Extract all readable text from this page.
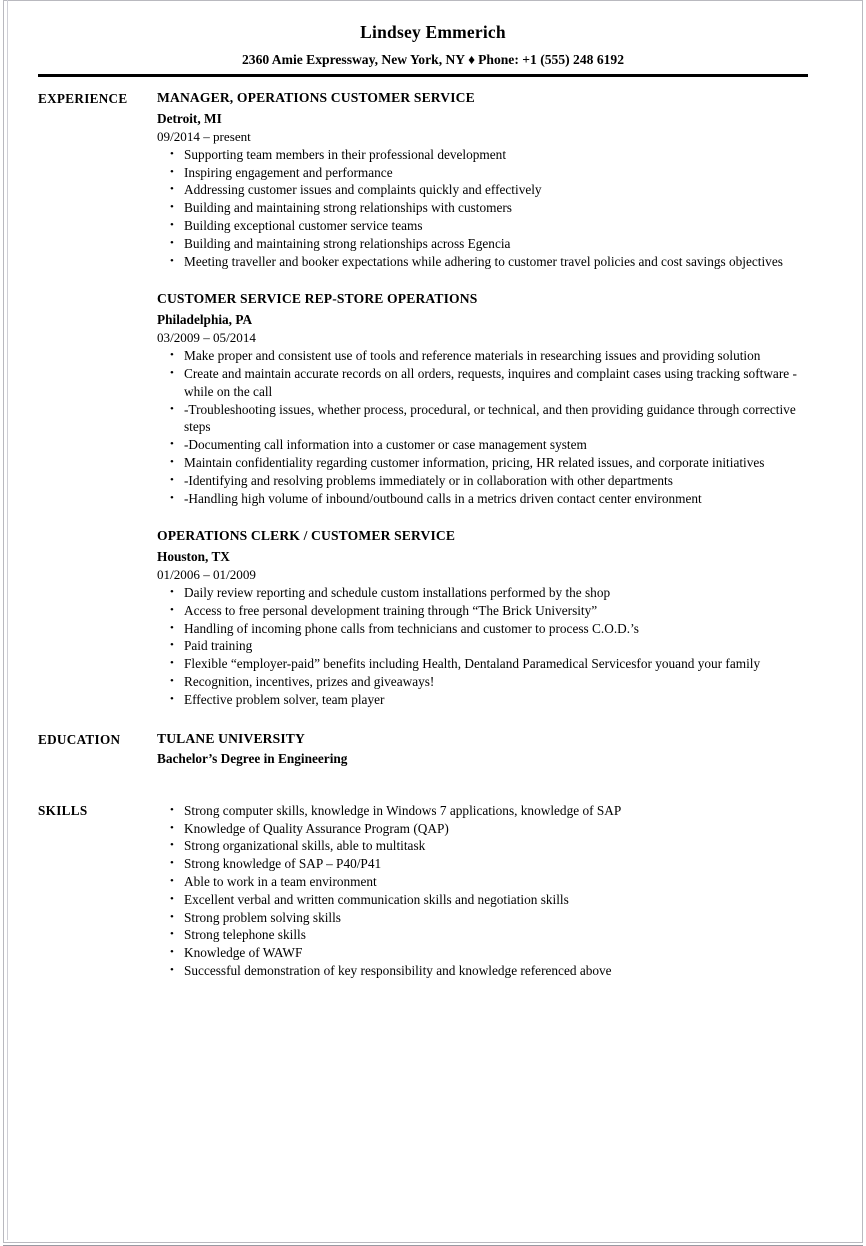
Lindsey Emmerich
2360 Amie Expressway, New York, NY ♦ Phone: +1 (555) 248 6192
EXPERIENCE	MANAGER, OPERATIONS CUSTOMER SERVICE
Detroit, MI
09/2014 – present
• Supporting team members in their professional development
• Inspiring engagement and performance
• Addressing customer issues and complaints quickly and effectively
• Building and maintaining strong relationships with customers
• Building exceptional customer service teams
• Building and maintaining strong relationships across Egencia
• Meeting traveller and booker expectations while adhering to customer travel policies and cost savings objectives
CUSTOMER SERVICE REP-STORE OPERATIONS
Philadelphia, PA
03/2009 – 05/2014
• Make proper and consistent use of tools and reference materials in researching issues and providing solution
• Create and maintain accurate records on all orders, requests, inquires and complaint cases using tracking software - while on the call
• -Troubleshooting issues, whether process, procedural, or technical, and then providing guidance through corrective steps
• -Documenting call information into a customer or case management system
• Maintain confidentiality regarding customer information, pricing, HR related issues, and corporate initiatives
• -Identifying and resolving problems immediately or in collaboration with other departments
• -Handling high volume of inbound/outbound calls in a metrics driven contact center environment
OPERATIONS CLERK / CUSTOMER SERVICE
Houston, TX
01/2006 – 01/2009
• Daily review reporting and schedule custom installations performed by the shop
• Access to free personal development training through “The Brick University”
• Handling of incoming phone calls from technicians and customer to process C.O.D.’s
• Paid training
• Flexible “employer-paid” benefits including Health, Dentaland Paramedical Servicesfor youand your family
• Recognition, incentives, prizes and giveaways!
• Effective problem solver, team player
EDUCATION	TULANE UNIVERSITY
Bachelor’s Degree in Engineering
SKILLS	• Strong computer skills, knowledge in Windows 7 applications, knowledge of SAP
• Knowledge of Quality Assurance Program (QAP)
• Strong organizational skills, able to multitask
• Strong knowledge of SAP – P40/P41
• Able to work in a team environment
• Excellent verbal and written communication skills and negotiation skills
• Strong problem solving skills
• Strong telephone skills
• Knowledge of WAWF
• Successful demonstration of key responsibility and knowledge referenced above
